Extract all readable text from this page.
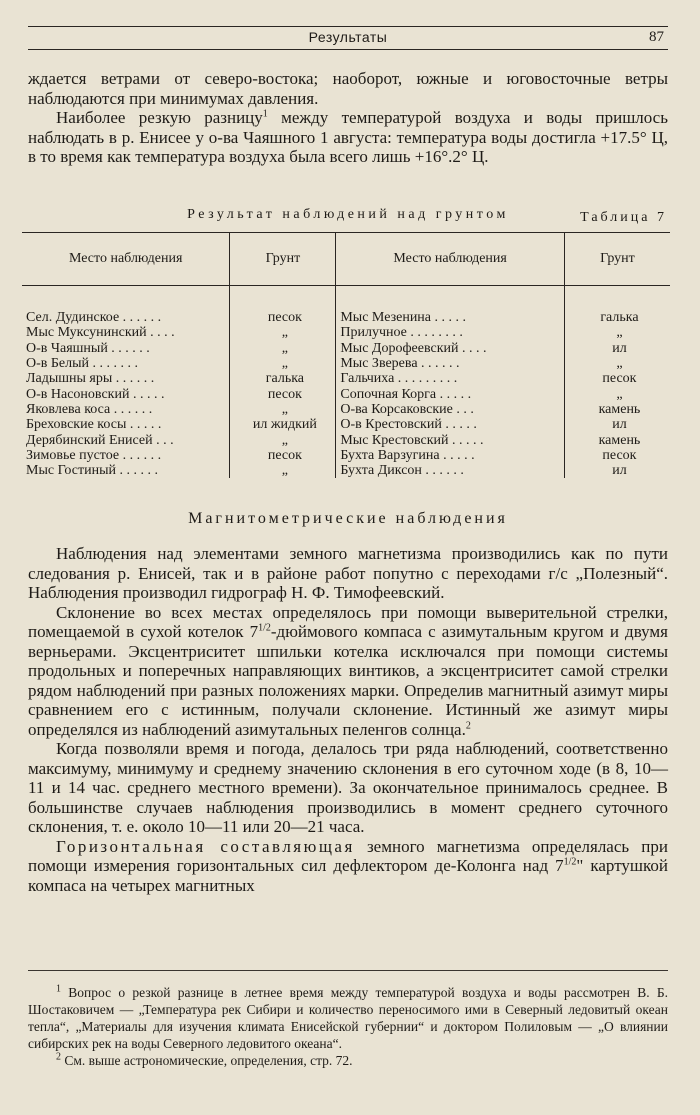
Результаты	87

ждается ветрами от северо-востока; наоборот, южные и юговосточные ветры наблюдаются при минимумах давления.

Наиболее резкую разницу$^1$ между температурой воздуха и воды пришлось наблюдать в р. Енисее у о-ва Чаяшного 1 августа: температура воды достигла +17.5° Ц, в то время как температура воздуха была всего лишь +16°.2° Ц.

Таблица 7
Результат наблюдений над грунтом
Место наблюдения	Грунт	Место наблюдения	Грунт

Сел. Дудинское . . . . . .	песок	Мыс Мезенина . . . . .	галька
Мыс Муксунинский . . . .	„	Прилучное . . . . . . . .	„
О-в Чаяшный . . . . . .	„	Мыс Дорофеевский . . . .	ил
О-в Белый . . . . . . .	„	Мыс Зверева . . . . . .	„
Ладышны яры . . . . . .	галька	Гальчиха . . . . . . . . .	песок
О-в Насоновский . . . . .	песок	Сопочная Корга . . . . .	„
Яковлева коса . . . . . .	„	О-ва Корсаковские . . .	камень
Бреховские косы . . . . .	ил жидкий	О-в Крестовский . . . . .	ил
Дерябинский Енисей . . .	„	Мыс Крестовский . . . . .	камень
Зимовье пустое . . . . . .	песок	Бухта Варзугина . . . . .	песок
Мыс Гостиный . . . . . .	„	Бухта Диксон . . . . . .	ил
Магнитометрические наблюдения

Наблюдения над элементами земного магнетизма производились как по пути следования р. Енисей, так и в районе работ попутно с переходами г/с „Полезный“. Наблюдения производил гидрограф Н. Ф. Тимофеевский.

Склонение во всех местах определялось при помощи выверительной стрелки, помещаемой в сухой котелок $7^{1/2}$-дюймового компаса с азимутальным кругом и двумя верньерами. Эксцентриситет шпильки котелка исключался при помощи системы продольных и поперечных направляющих винтиков, а эксцентриситет самой стрелки рядом наблюдений при разных положениях марки. Определив магнитный азимут миры сравнением его с истинным, получали склонение. Истинный же азимут миры определялся из наблюдений азимутальных пеленгов солнца.$^2$

Когда позволяли время и погода, делалось три ряда наблюдений, соответственно максимуму, минимуму и среднему значению склонения в его суточном ходе (в 8, 10—11 и 14 час. среднего местного времени). За окончательное принималось среднее. В большинстве случаев наблюдения производились в момент среднего суточного склонения, т. е. около 10—11 или 20—21 часа.

Горизонтальная составляющая земного магнетизма определялась при помощи измерения горизонтальных сил дефлектором де-Колонга над $7^{1/2}$" картушкой компаса на четырех магнитных

$^1$ Вопрос о резкой разнице в летнее время между температурой воздуха и воды рассмотрен В. Б. Шостаковичем — „Температура рек Сибири и количество переносимого ими в Северный ледовитый океан тепла“, „Материалы для изучения климата Енисейской губернии“ и доктором Полиловым — „О влиянии сибирских рек на воды Северного ледовитого океана“.

$^2$ См. выше астрономические, определения, стр. 72.
